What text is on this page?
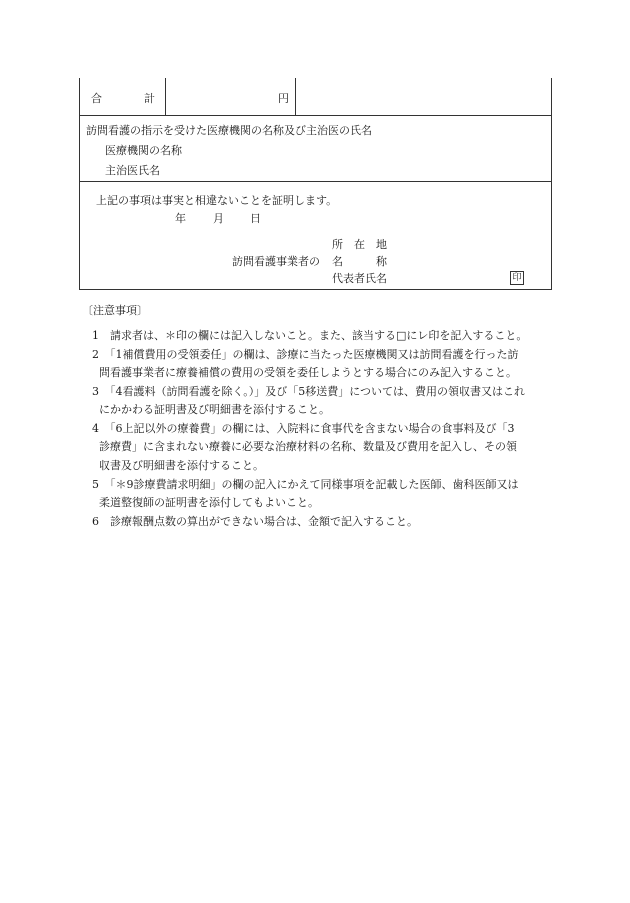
合	計	円
訪問看護の指示を受けた医療機関の名称及び主治医の氏名
医療機関の名称
主治医氏名
上記の事項は事実と相違ないことを証明します。
年 月 日
所　在　地
訪問看護事業者の 名　　　称
代表者氏名	印
〔注意事項〕
1　請求者は、＊印の欄には記入しないこと。また、該当する□にレ印を記入すること。
2　「1補償費用の受領委任」の欄は、診療に当たった医療機関又は訪問看護を行った訪
問看護事業者に療養補償の費用の受領を委任しようとする場合にのみ記入すること。
3　「4看護料（訪問看護を除く。）」及び「5移送費」については、費用の領収書又はこれ
にかかわる証明書及び明細書を添付すること。
4　「6上記以外の療養費」の欄には、入院料に食事代を含まない場合の食事料及び「3
診療費」に含まれない療養に必要な治療材料の名称、数量及び費用を記入し、その領
収書及び明細書を添付すること。
5　「＊9診療費請求明細」の欄の記入にかえて同様事項を記載した医師、歯科医師又は
柔道整復師の証明書を添付してもよいこと。
6　診療報酬点数の算出ができない場合は、金額で記入すること。
